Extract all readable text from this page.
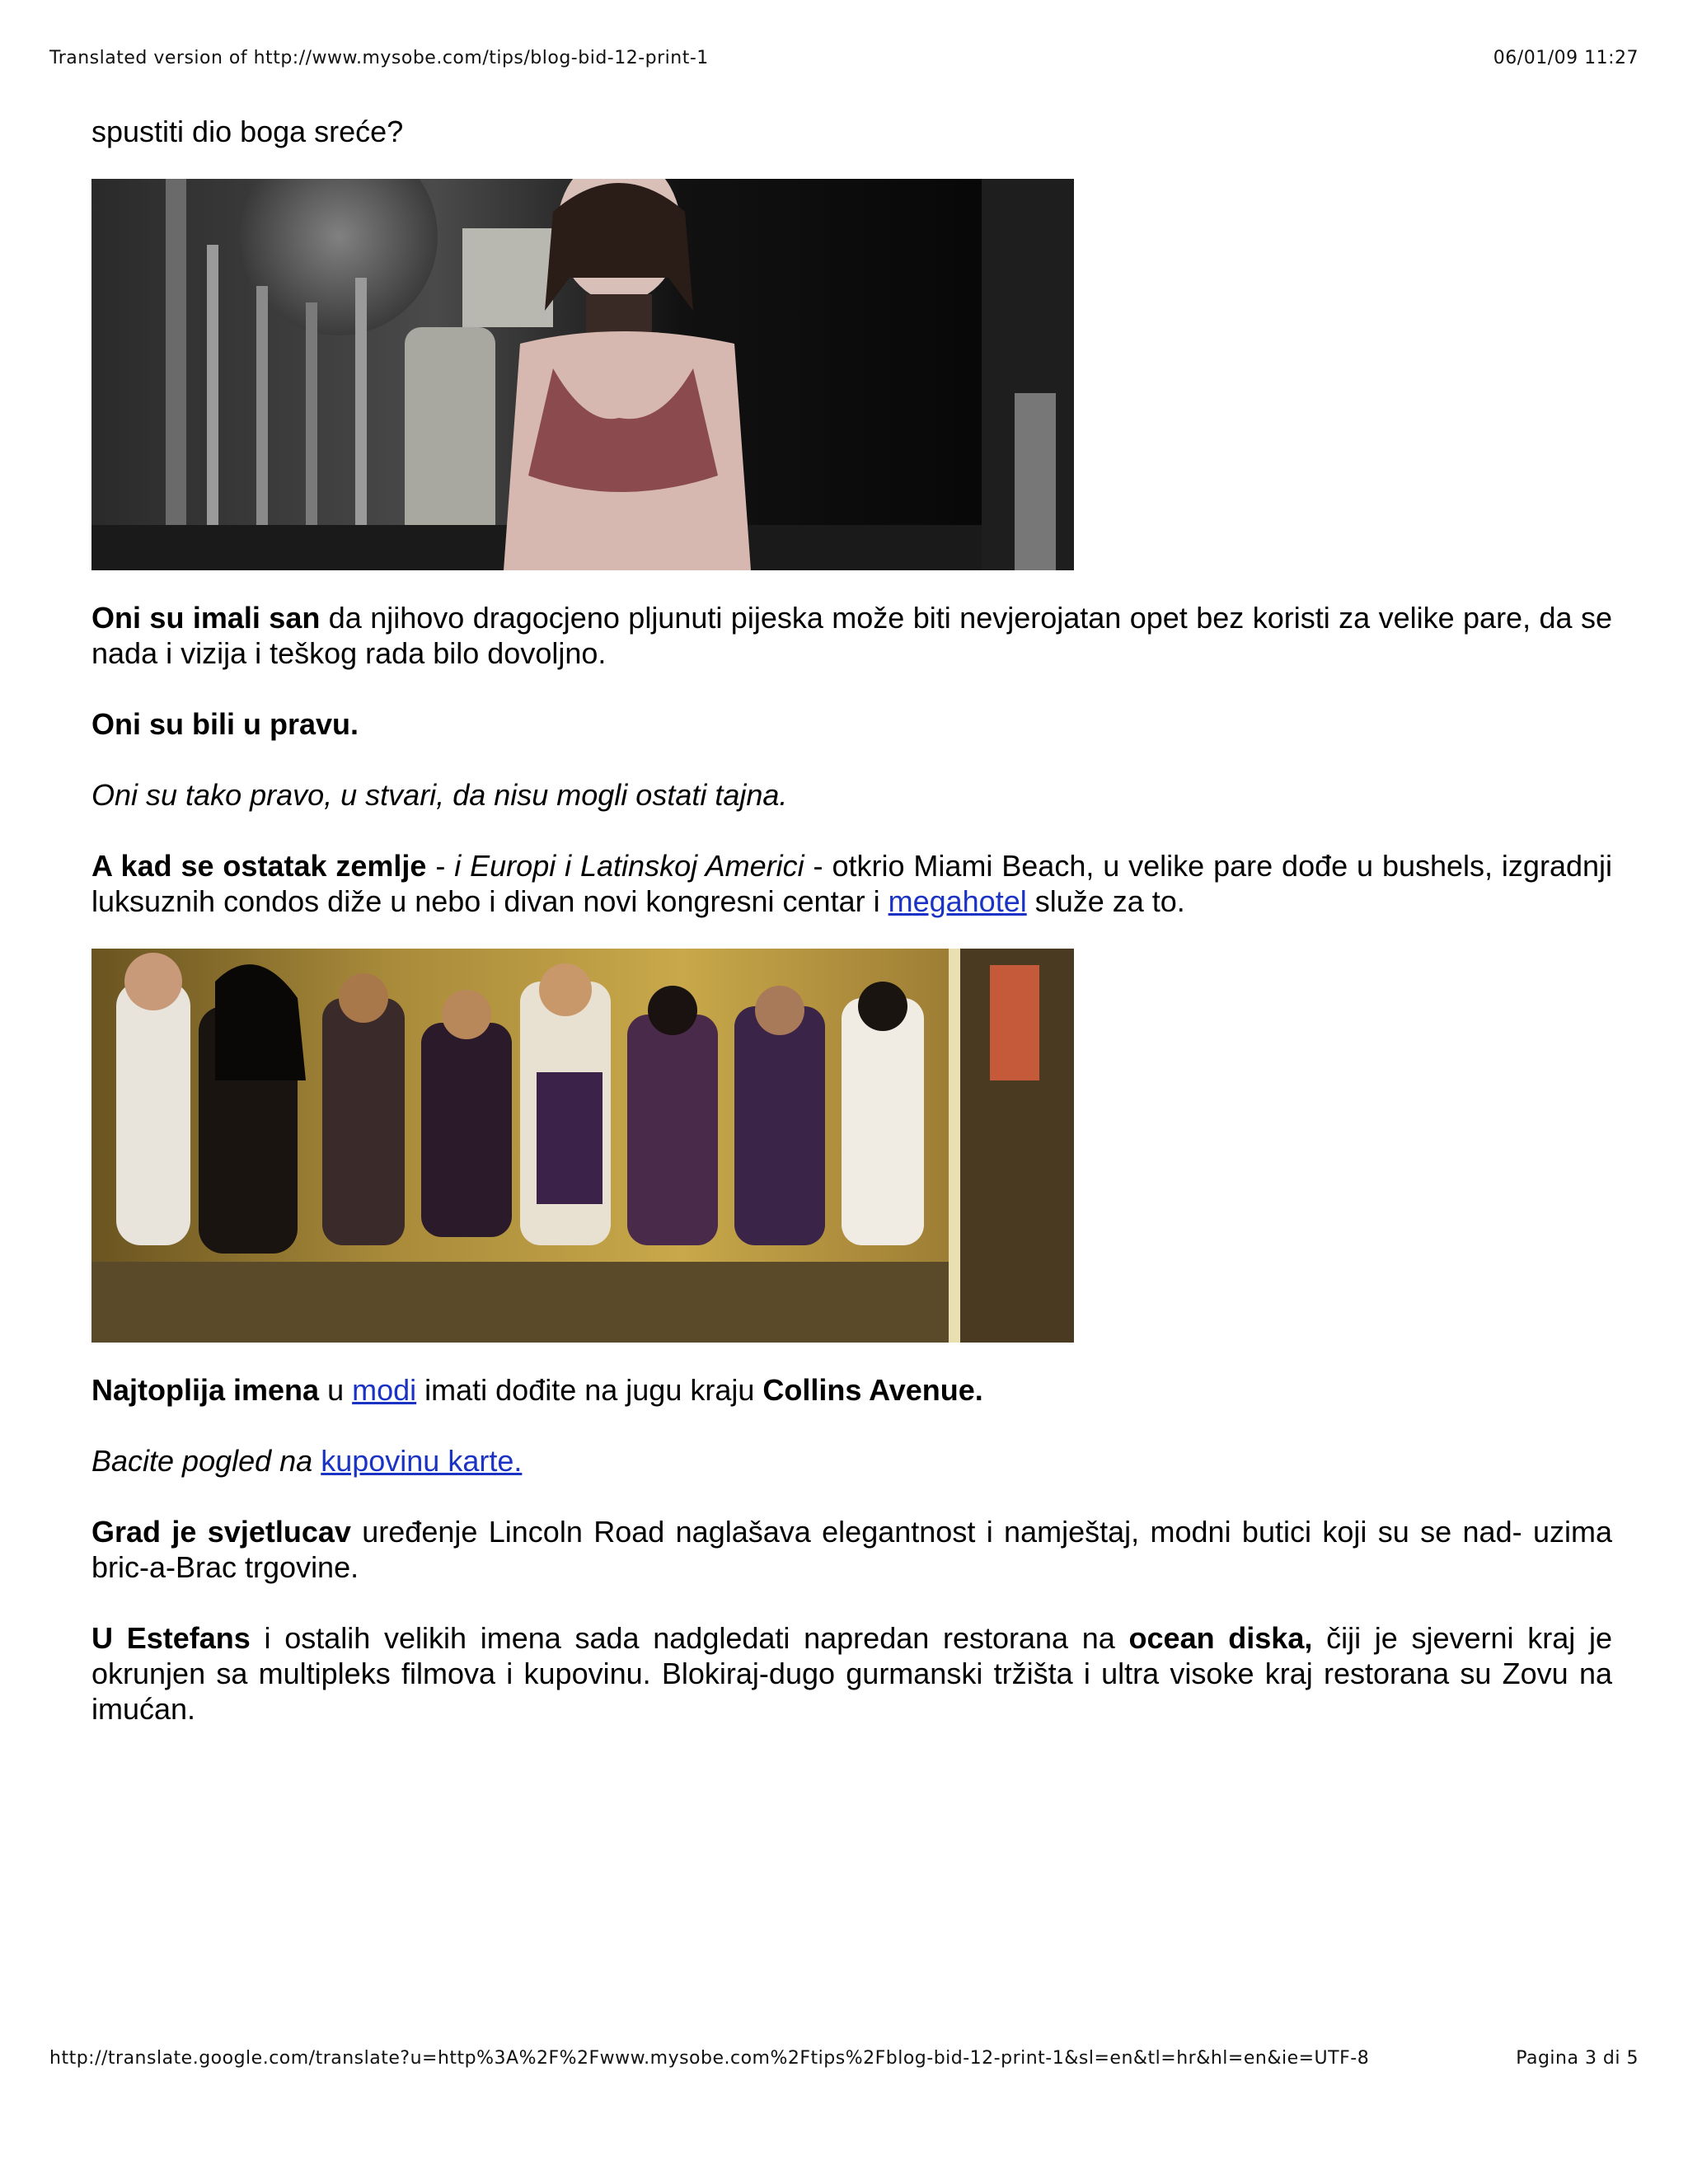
Translated version of http://www.mysobe.com/tips/blog-bid-12-print-1	06/01/09 11:27

spustiti dio boga sreće?

Oni su imali san da njihovo dragocjeno pljunuti pijeska može biti nevjerojatan opet bez koristi za velike pare, da se nada i vizija i teškog rada bilo dovoljno.

Oni su bili u pravu.

Oni su tako pravo, u stvari, da nisu mogli ostati tajna.

A kad se ostatak zemlje - i Europi i Latinskoj Americi - otkrio Miami Beach, u velike pare dođe u bushels, izgradnji luksuznih condos diže u nebo i divan novi kongresni centar i megahotel služe za to.

Najtoplija imena u modi imati dođite na jugu kraju Collins Avenue.

Bacite pogled na kupovinu karte.

Grad je svjetlucav uređenje Lincoln Road naglašava elegantnost i namještaj, modni butici koji su se nad- uzima bric-a-Brac trgovine.

U Estefans i ostalih velikih imena sada nadgledati napredan restorana na ocean diska, čiji je sjeverni kraj je okrunjen sa multipleks filmova i kupovinu. Blokiraj-dugo gurmanski tržišta i ultra visoke kraj restorana su Zovu na imućan.

http://translate.google.com/translate?u=http%3A%2F%2Fwww.mysobe.com%2Ftips%2Fblog-bid-12-print-1&sl=en&tl=hr&hl=en&ie=UTF-8	Pagina 3 di 5
